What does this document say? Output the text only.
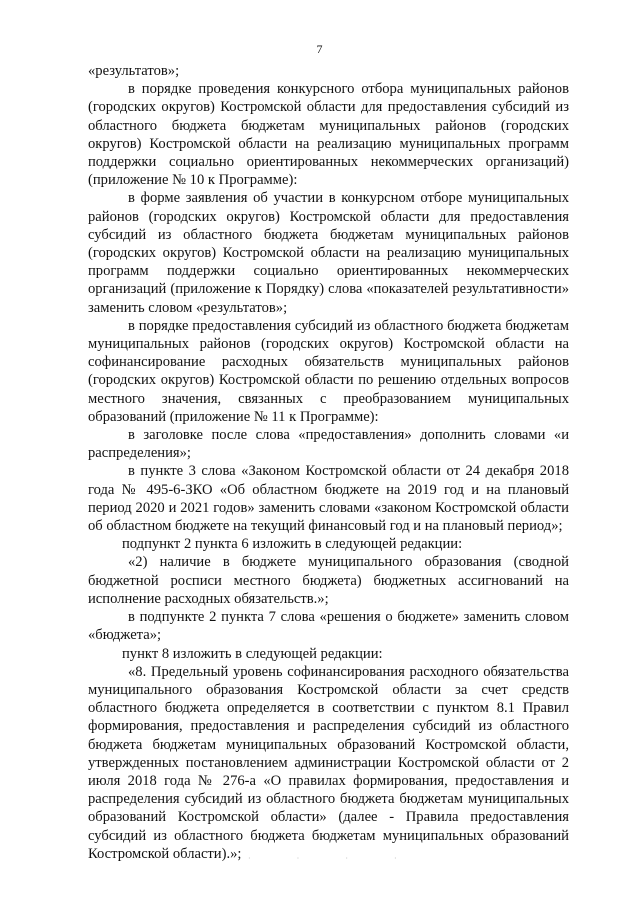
7

«результатов»;

в порядке проведения конкурсного отбора муниципальных районов (городских округов) Костромской области для предоставления субсидий из областного бюджета бюджетам муниципальных районов (городских округов) Костромской области на реализацию муниципальных программ поддержки социально ориентированных некоммерческих организаций) (приложение № 10 к Программе):

в форме заявления об участии в конкурсном отборе муниципальных районов (городских округов) Костромской области для предоставления субсидий из областного бюджета бюджетам муниципальных районов (городских округов) Костромской области на реализацию муниципальных программ поддержки социально ориентированных некоммерческих организаций (приложение к Порядку) слова «показателей результативности» заменить словом «результатов»;

в порядке предоставления субсидий из областного бюджета бюджетам муниципальных районов (городских округов) Костромской области на софинансирование расходных обязательств муниципальных районов (городских округов) Костромской области по решению отдельных вопросов местного значения, связанных с преобразованием муниципальных образований (приложение № 11 к Программе):

в заголовке после слова «предоставления» дополнить словами «и распределения»;

в пункте 3 слова «Законом Костромской области от 24 декабря 2018 года № 495-6-ЗКО «Об областном бюджете на 2019 год и на плановый период 2020 и 2021 годов» заменить словами «законом Костромской области об областном бюджете на текущий финансовый год и на плановый период»;

подпункт 2 пункта 6 изложить в следующей редакции:

«2) наличие в бюджете муниципального образования (сводной бюджетной росписи местного бюджета) бюджетных ассигнований на исполнение расходных обязательств.»;

в подпункте 2 пункта 7 слова «решения о бюджете» заменить словом «бюджета»;

пункт 8 изложить в следующей редакции:

«8. Предельный уровень софинансирования расходного обязательства муниципального образования Костромской области за счет средств областного бюджета определяется в соответствии с пунктом 8.1 Правил формирования, предоставления и распределения субсидий из областного бюджета бюджетам муниципальных образований Костромской области, утвержденных постановлением администрации Костромской области от 2 июля 2018 года № 276-а «О правилах формирования, предоставления и распределения субсидий из областного бюджета бюджетам муниципальных образований Костромской области» (далее - Правила предоставления субсидий из областного бюджета бюджетам муниципальных образований Костромской области).»; · · · ·
